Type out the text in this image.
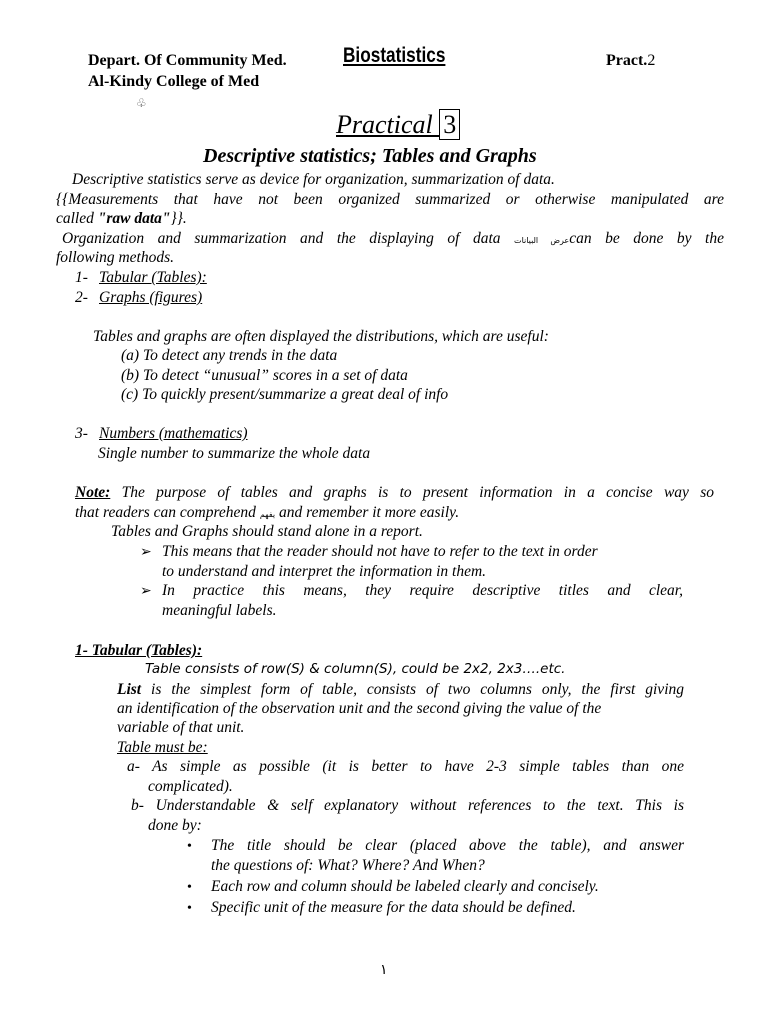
Depart. Of Community Med.	Biostatistics	Pract.2
Al-Kindy College of Med
♧
Practical 3
Descriptive statistics; Tables and Graphs
Descriptive statistics serve as device for organization, summarization of data.
{{Measurements that have not been organized summarized or otherwise manipulated are
called "raw data"}}.
Organization and summarization and the displaying of data عرض البياناتcan be done by the
following methods.
1- Tabular (Tables):
2- Graphs (figures)
Tables and graphs are often displayed the distributions, which are useful:
(a) To detect any trends in the data
(b) To detect “unusual” scores in a set of data
(c) To quickly present/summarize a great deal of info
3- Numbers (mathematics)
Single number to summarize the whole data
Note: The purpose of tables and graphs is to present information in a concise way so
that readers can comprehend يفهم and remember it more easily.
Tables and Graphs should stand alone in a report.
➢ This means that the reader should not have to refer to the text in order
to understand and interpret the information in them.
➢ In practice this means, they require descriptive titles and clear,
meaningful labels.
1- Tabular (Tables):
Table consists of row(S) & column(S), could be 2x2, 2x3….etc.
List is the simplest form of table, consists of two columns only, the first giving
an identification of the observation unit and the second giving the value of the
variable of that unit.
Table must be:
a- As simple as possible (it is better to have 2-3 simple tables than one
complicated).
b- Understandable & self explanatory without references to the text. This is
done by:
• The title should be clear (placed above the table), and answer
the questions of: What? Where? And When?
• Each row and column should be labeled clearly and concisely.
• Specific unit of the measure for the data should be defined.
١
